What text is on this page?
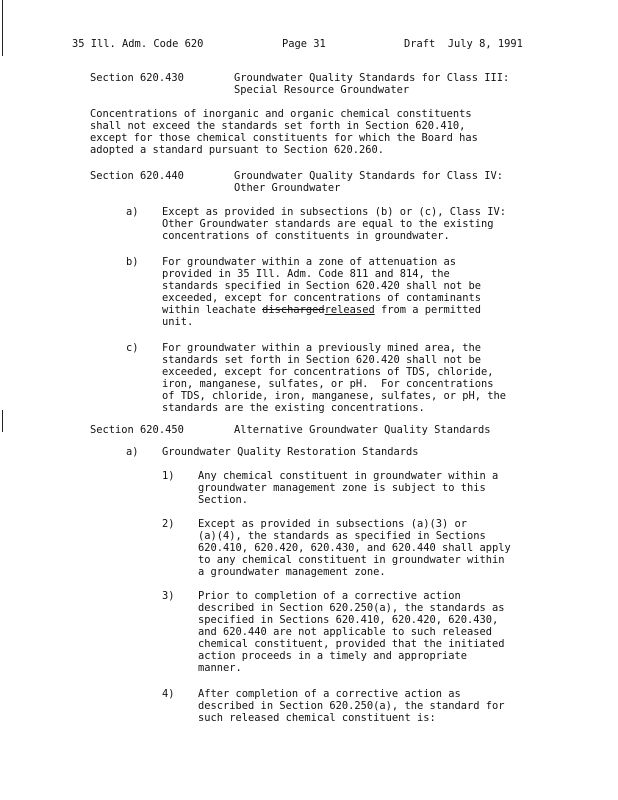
35 Ill. Adm. Code 620	Page 31	Draft  July 8, 1991
Section 620.430	Groundwater Quality Standards for Class III:
Special Resource Groundwater
Concentrations of inorganic and organic chemical constituents
shall not exceed the standards set forth in Section 620.410,
except for those chemical constituents for which the Board has
adopted a standard pursuant to Section 620.260.
Section 620.440	Groundwater Quality Standards for Class IV:
Other Groundwater
a) Except as provided in subsections (b) or (c), Class IV:
Other Groundwater standards are equal to the existing
concentrations of constituents in groundwater.
b) For groundwater within a zone of attenuation as
provided in 35 Ill. Adm. Code 811 and 814, the
standards specified in Section 620.420 shall not be
exceeded, except for concentrations of contaminants
within leachate dischargedreleased from a permitted
unit.
c) For groundwater within a previously mined area, the
standards set forth in Section 620.420 shall not be
exceeded, except for concentrations of TDS, chloride,
iron, manganese, sulfates, or pH.  For concentrations
of TDS, chloride, iron, manganese, sulfates, or pH, the
standards are the existing concentrations.
Section 620.450	Alternative Groundwater Quality Standards
a) Groundwater Quality Restoration Standards
1) Any chemical constituent in groundwater within a
groundwater management zone is subject to this
Section.
2) Except as provided in subsections (a)(3) or
(a)(4), the standards as specified in Sections
620.410, 620.420, 620.430, and 620.440 shall apply
to any chemical constituent in groundwater within
a groundwater management zone.
3) Prior to completion of a corrective action
described in Section 620.250(a), the standards as
specified in Sections 620.410, 620.420, 620.430,
and 620.440 are not applicable to such released
chemical constituent, provided that the initiated
action proceeds in a timely and appropriate
manner.
4) After completion of a corrective action as
described in Section 620.250(a), the standard for
such released chemical constituent is:
